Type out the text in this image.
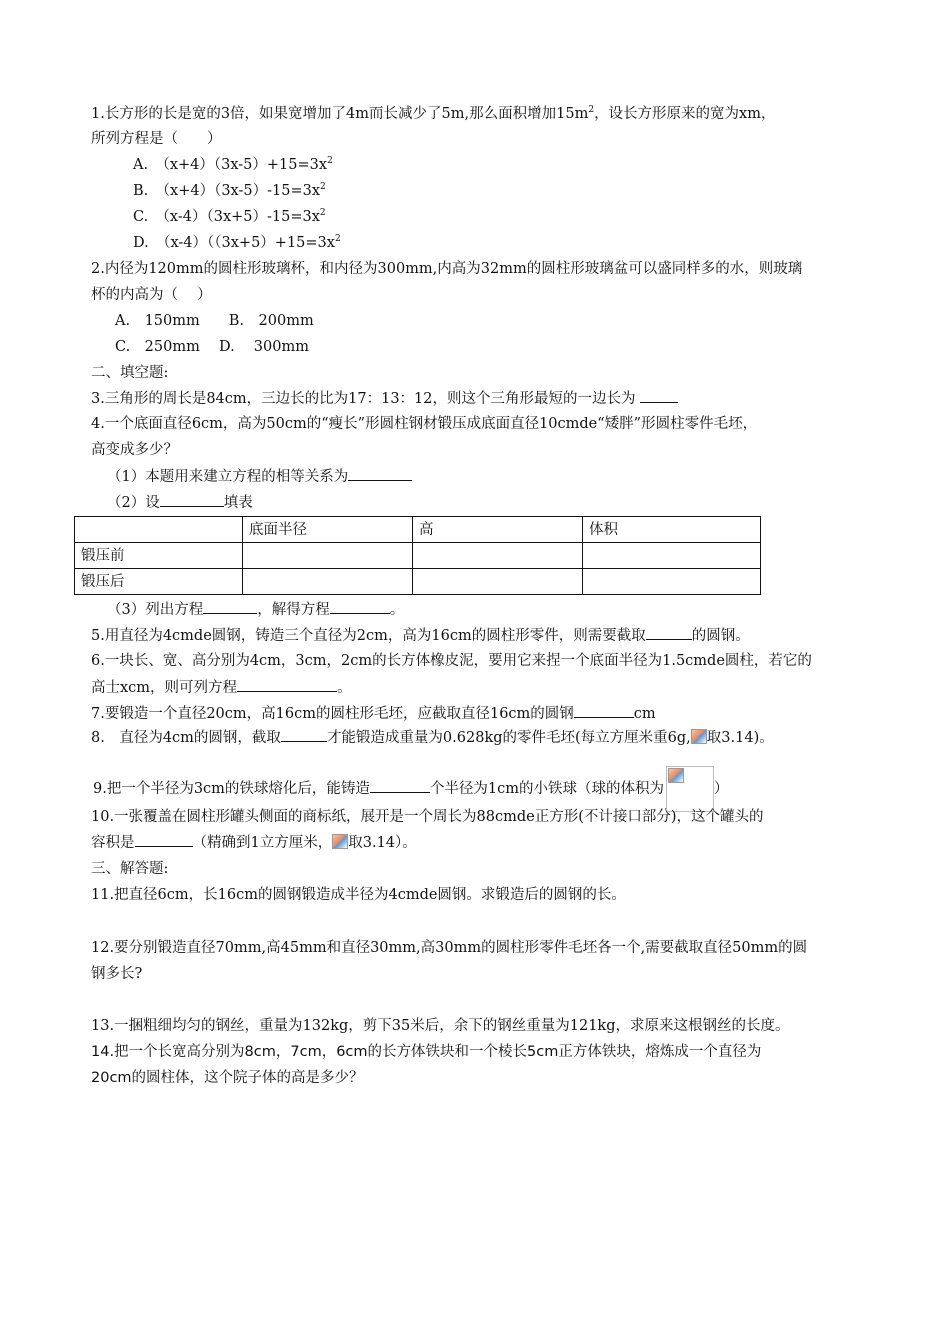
1.长方形的长是宽的3倍，如果宽增加了4m而长减少了5m,那么面积增加$15m^2$，设长方形原来的宽为xm，
所列方程是（　　）
A.　$(x+4)(3x-5)+15=3x^2$
B.　$(x+4)(3x-5)-15=3x^2$
C.　$(x-4)(3x+5)-15=3x^2$
D.　$(x-4)((3x+5)+15=3x^2$
2.内径为120mm的圆柱形玻璃杯，和内径为300mm,内高为32mm的圆柱形玻璃盆可以盛同样多的水，则玻璃
杯的内高为（　 ）
A.　150mm　　B.　200mm
C.　250mm　 D.　 300mm
二、填空题:
3.三角形的周长是84cm，三边长的比为17：13：12，则这个三角形最短的一边长为
4.一个底面直径6cm，高为50cm的“瘦长”形圆柱钢材锻压成底面直径10cmde“矮胖”形圆柱零件毛坯，
高变成多少？
（1）本题用来建立方程的相等关系为
（2）设	填表
	底面半径	高	体积
锻压前			
锻压后			
（3）列出方程	，解得方程	。
5.用直径为4cmde圆钢，铸造三个直径为2cm，高为16cm的圆柱形零件，则需要截取	的圆钢。
6.一块长、宽、高分别为4cm，3cm，2cm的长方体橡皮泥，要用它来捏一个底面半径为1.5cmde圆柱，若它的
高士xcm，则可列方程	。
7.要锻造一个直径20cm，高16cm的圆柱形毛坯，应截取直径16cm的圆钢	cm
8.　直径为4cm的圆钢，截取	才能锻造成重量为0.628kg的零件毛坯(每立方厘米重6g, 取3.14)。
9.把一个半径为3cm的铁球熔化后，能铸造	个半径为1cm的小铁球（球的体积为	）
10.一张覆盖在圆柱形罐头侧面的商标纸，展开是一个周长为88cmde正方形(不计接口部分)，这个罐头的
容积是	（精确到1立方厘米， 取3.14）。
三、解答题:
11.把直径6cm，长16cm的圆钢锻造成半径为4cmde圆钢。求锻造后的圆钢的长。
12.要分别锻造直径70mm,高45mm和直径30mm,高30mm的圆柱形零件毛坯各一个,需要截取直径50mm的圆
钢多长?
13.一捆粗细均匀的钢丝，重量为132kg，剪下35米后，余下的钢丝重量为121kg，求原来这根钢丝的长度。
14.把一个长宽高分别为8cm，7cm，6cm的长方体铁块和一个棱长5cm正方体铁块，熔炼成一个直径为
20cm的圆柱体，这个院子体的高是多少？
